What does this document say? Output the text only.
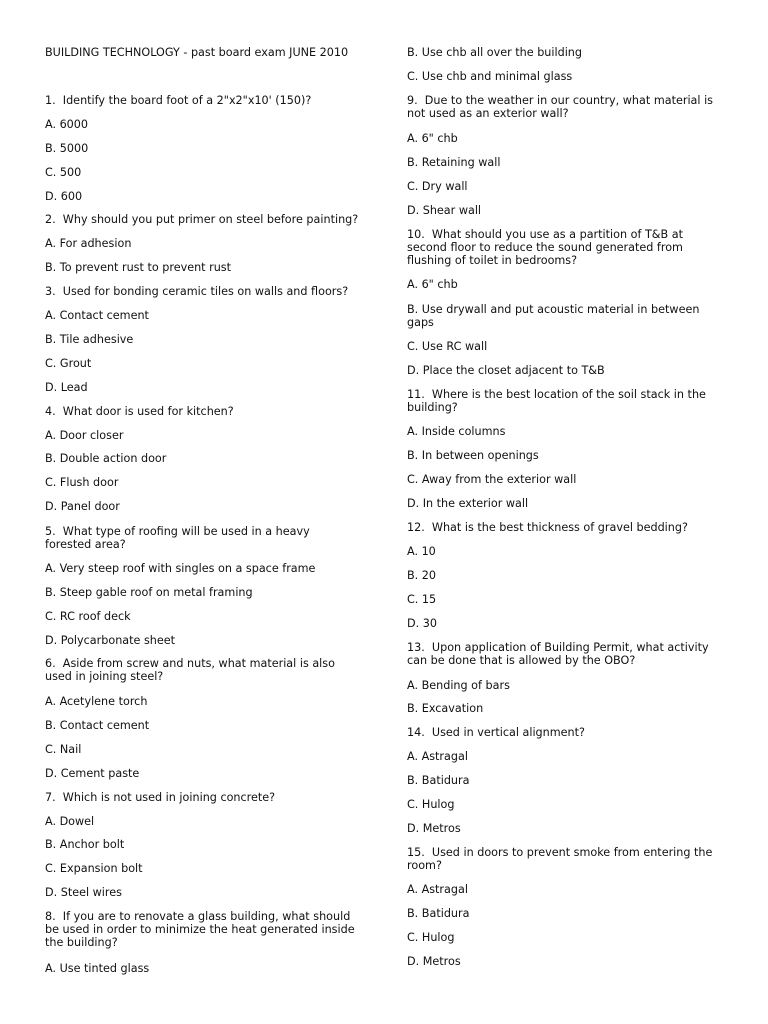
BUILDING TECHNOLOGY - past board exam JUNE 2010

1.  Identify the board foot of a 2"x2"x10' (150)?

A. 6000

B. 5000

C. 500

D. 600

2.  Why should you put primer on steel before painting?

A. For adhesion

B. To prevent rust to prevent rust

3.  Used for bonding ceramic tiles on walls and floors?

A. Contact cement

B. Tile adhesive

C. Grout

D. Lead

4.  What door is used for kitchen?

A. Door closer

B. Double action door

C. Flush door

D. Panel door

5.  What type of roofing will be used in a heavy
forested area?

A. Very steep roof with singles on a space frame

B. Steep gable roof on metal framing

C. RC roof deck

D. Polycarbonate sheet

6.  Aside from screw and nuts, what material is also
used in joining steel?

A. Acetylene torch

B. Contact cement

C. Nail

D. Cement paste

7.  Which is not used in joining concrete?

A. Dowel

B. Anchor bolt

C. Expansion bolt

D. Steel wires

8.  If you are to renovate a glass building, what should
be used in order to minimize the heat generated inside
the building?

A. Use tinted glass

B. Use chb all over the building

C. Use chb and minimal glass

9.  Due to the weather in our country, what material is
not used as an exterior wall?

A. 6" chb

B. Retaining wall

C. Dry wall

D. Shear wall

10.  What should you use as a partition of T&B at
second floor to reduce the sound generated from
flushing of toilet in bedrooms?

A. 6" chb

B. Use drywall and put acoustic material in between
gaps

C. Use RC wall

D. Place the closet adjacent to T&B

11.  Where is the best location of the soil stack in the
building?

A. Inside columns

B. In between openings

C. Away from the exterior wall

D. In the exterior wall

12.  What is the best thickness of gravel bedding?

A. 10

B. 20

C. 15

D. 30

13.  Upon application of Building Permit, what activity
can be done that is allowed by the OBO?

A. Bending of bars

B. Excavation

14.  Used in vertical alignment?

A. Astragal

B. Batidura

C. Hulog

D. Metros

15.  Used in doors to prevent smoke from entering the
room?

A. Astragal

B. Batidura

C. Hulog

D. Metros
